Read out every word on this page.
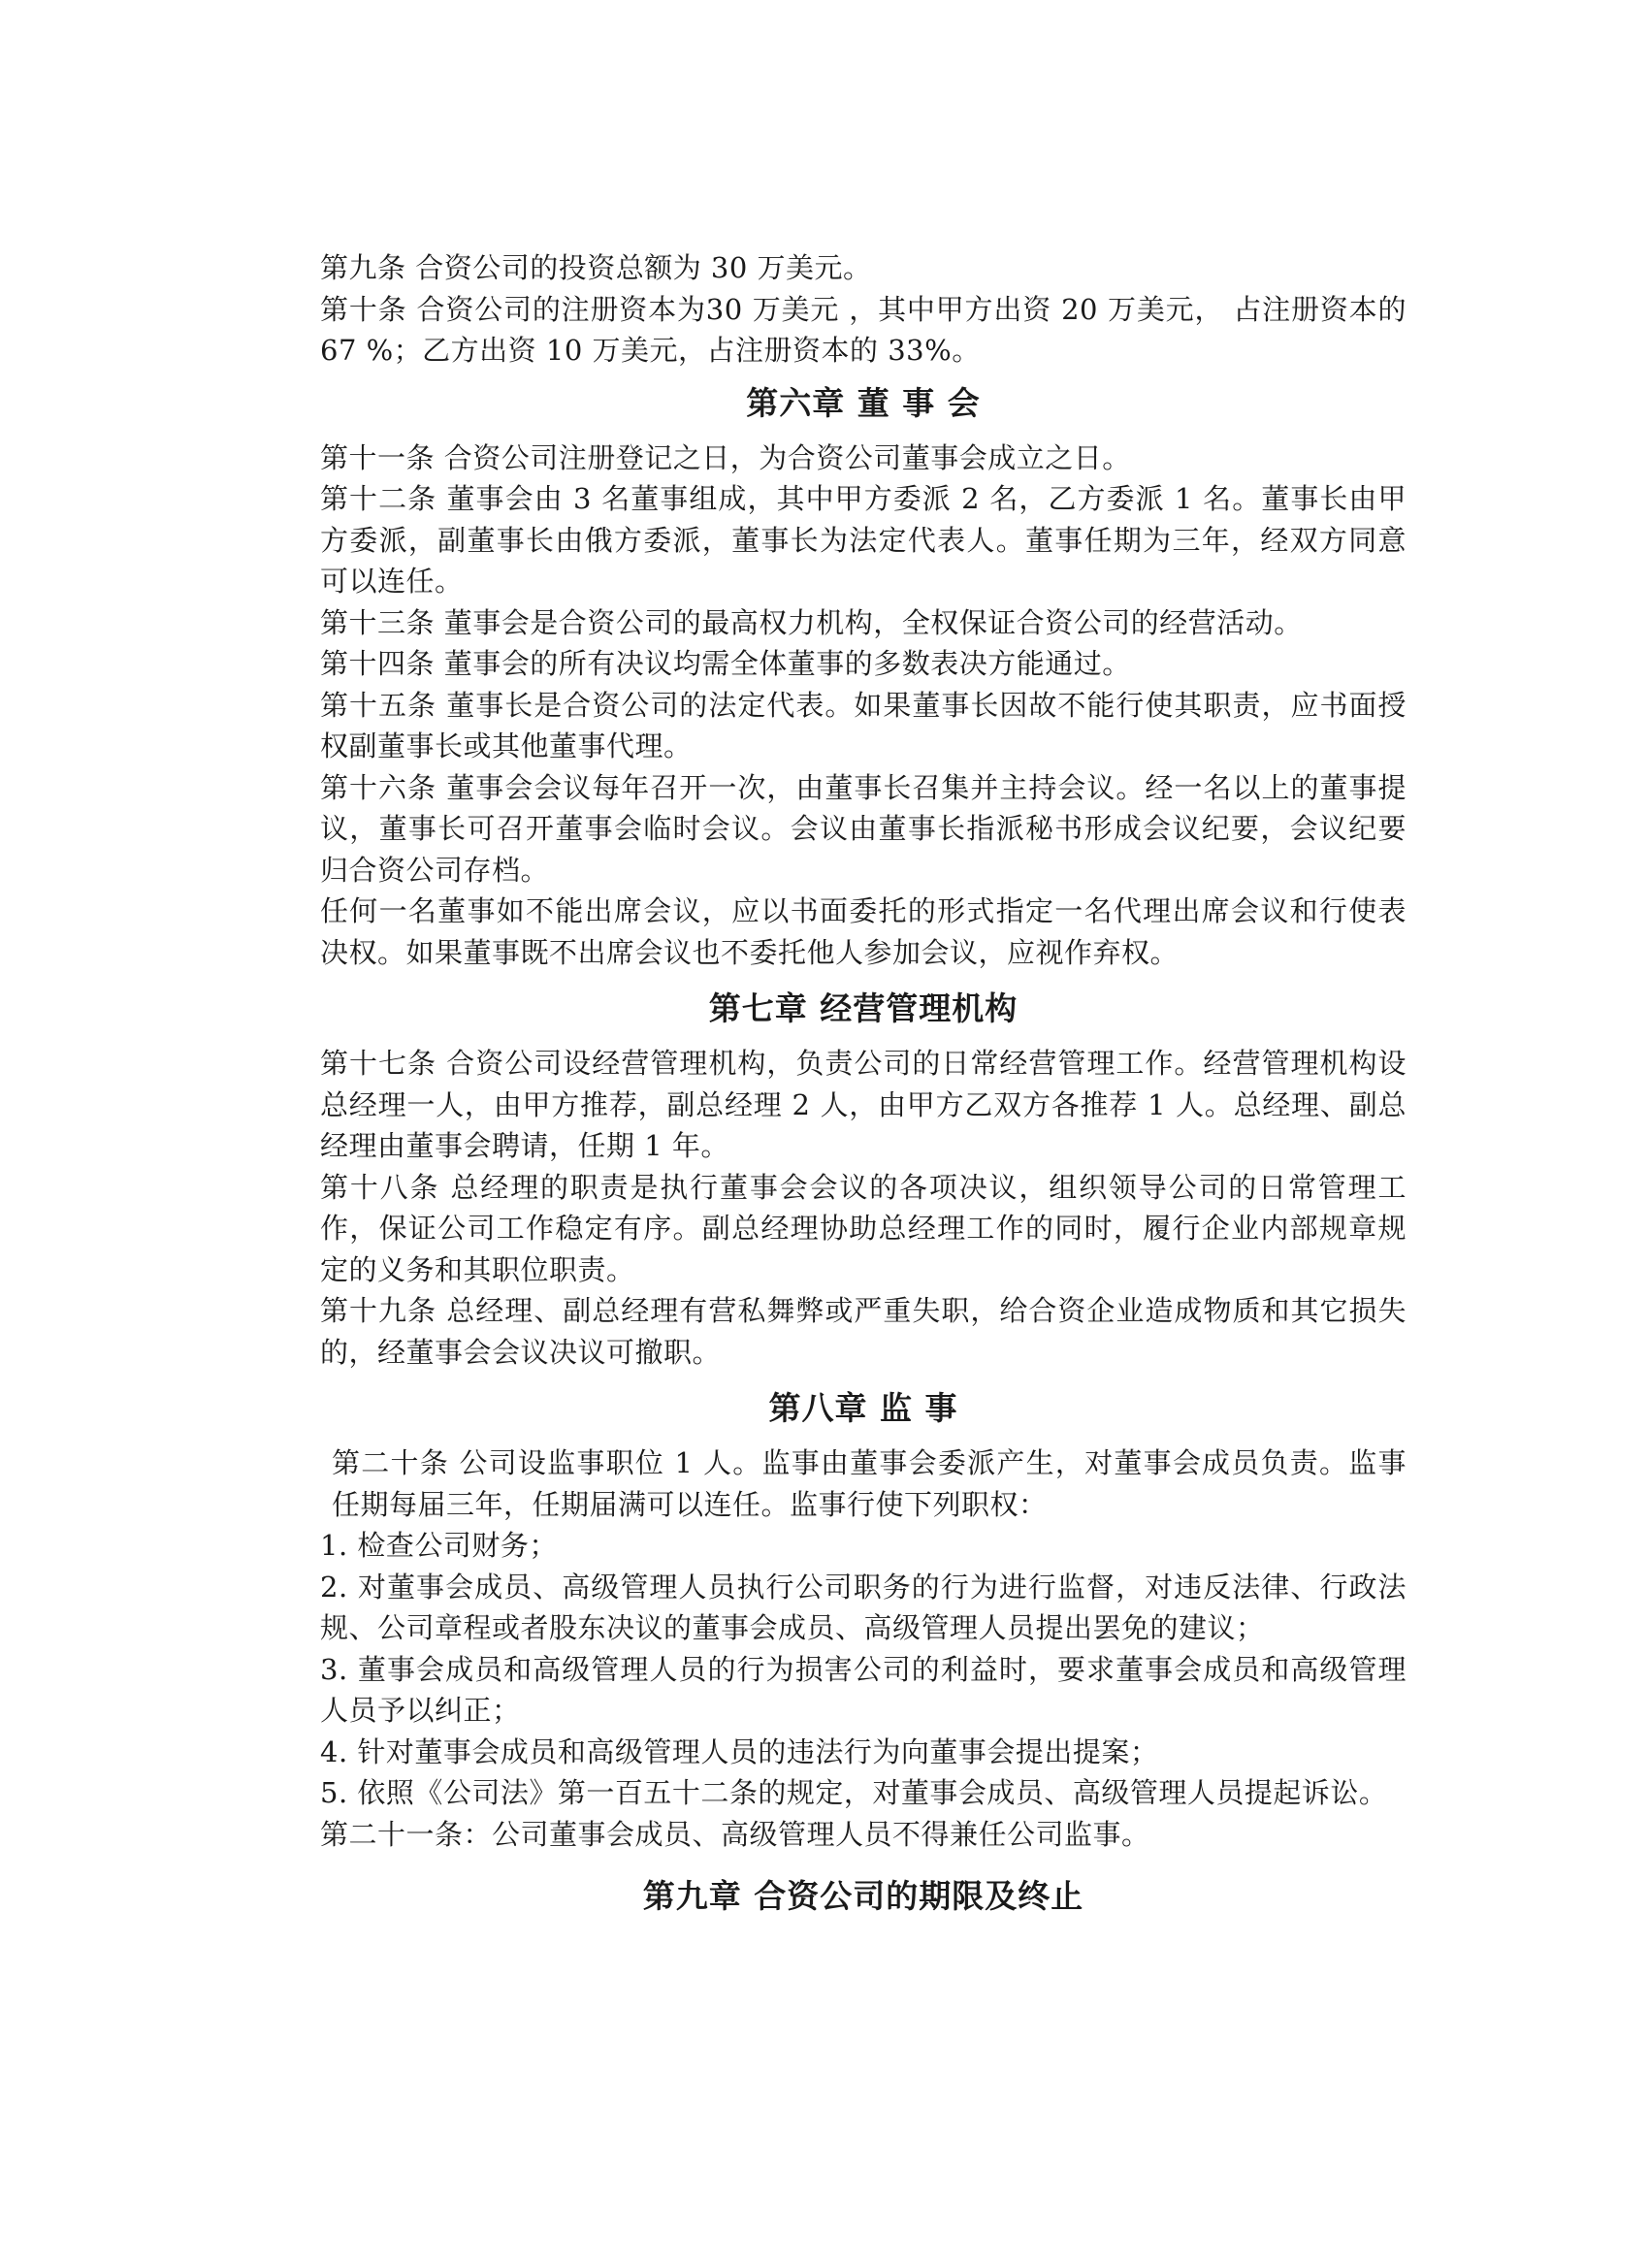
第九条 合资公司的投资总额为 30 万美元。

第十条 合资公司的注册资本为30 万美元 ，其中甲方出资 20 万美元， 占注册资本的 67 %；乙方出资 10 万美元，占注册资本的 33%。

第六章 董 事 会

第十一条 合资公司注册登记之日，为合资公司董事会成立之日。

第十二条 董事会由 3 名董事组成，其中甲方委派 2 名，乙方委派 1 名。董事长由甲方委派，副董事长由俄方委派，董事长为法定代表人。董事任期为三年，经双方同意可以连任。

第十三条 董事会是合资公司的最高权力机构，全权保证合资公司的经营活动。

第十四条 董事会的所有决议均需全体董事的多数表决方能通过。

第十五条 董事长是合资公司的法定代表。如果董事长因故不能行使其职责，应书面授权副董事长或其他董事代理。

第十六条 董事会会议每年召开一次，由董事长召集并主持会议。经一名以上的董事提议，董事长可召开董事会临时会议。会议由董事长指派秘书形成会议纪要，会议纪要归合资公司存档。

任何一名董事如不能出席会议，应以书面委托的形式指定一名代理出席会议和行使表决权。如果董事既不出席会议也不委托他人参加会议，应视作弃权。

第七章 经营管理机构

第十七条 合资公司设经营管理机构，负责公司的日常经营管理工作。经营管理机构设总经理一人，由甲方推荐，副总经理 2 人，由甲方乙双方各推荐 1 人。总经理、副总经理由董事会聘请，任期 1 年。

第十八条 总经理的职责是执行董事会会议的各项决议，组织领导公司的日常管理工作，保证公司工作稳定有序。副总经理协助总经理工作的同时，履行企业内部规章规定的义务和其职位职责。

第十九条 总经理、副总经理有营私舞弊或严重失职，给合资企业造成物质和其它损失的，经董事会会议决议可撤职。

第八章 监 事

第二十条 公司设监事职位 1 人。监事由董事会委派产生，对董事会成员负责。监事任期每届三年，任期届满可以连任。监事行使下列职权：

1. 检查公司财务；

2. 对董事会成员、高级管理人员执行公司职务的行为进行监督，对违反法律、行政法规、公司章程或者股东决议的董事会成员、高级管理人员提出罢免的建议；

3. 董事会成员和高级管理人员的行为损害公司的利益时，要求董事会成员和高级管理人员予以纠正；

4. 针对董事会成员和高级管理人员的违法行为向董事会提出提案；

5. 依照《公司法》第一百五十二条的规定，对董事会成员、高级管理人员提起诉讼。

第二十一条：公司董事会成员、高级管理人员不得兼任公司监事。

第九章 合资公司的期限及终止
